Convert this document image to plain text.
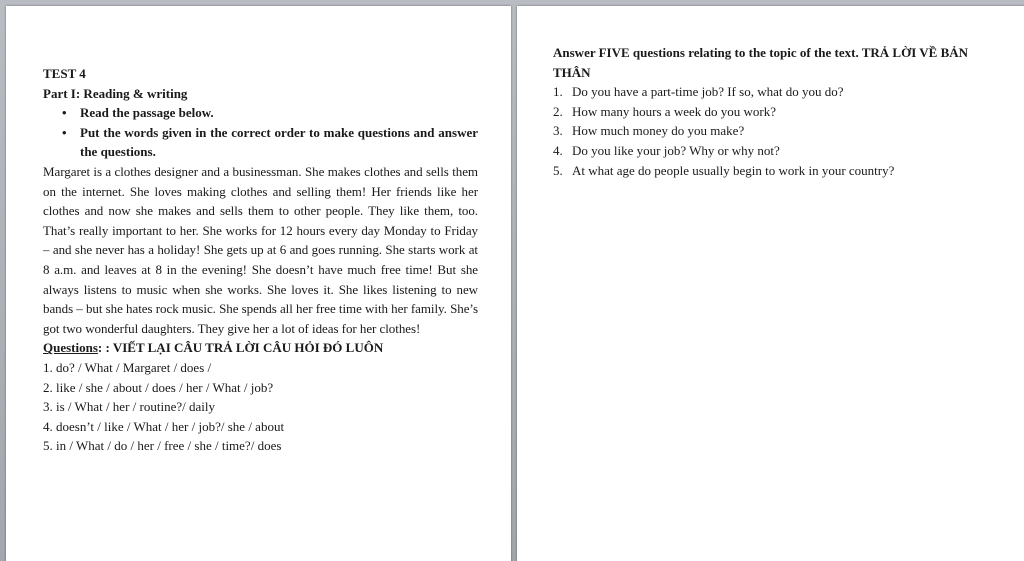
TEST 4
Part I: Reading & writing
• Read the passage below.
• Put the words given in the correct order to make questions and answer the questions.
Margaret is a clothes designer and a businessman. She makes clothes and sells them on the internet. She loves making clothes and selling them! Her friends like her clothes and now she makes and sells them to other people. They like them, too. That’s really important to her. She works for 12 hours every day Monday to Friday – and she never has a holiday! She gets up at 6 and goes running. She starts work at 8 a.m. and leaves at 8 in the evening! She doesn’t have much free time! But she always listens to music when she works. She loves it. She likes listening to new bands – but she hates rock music. She spends all her free time with her family. She’s got two wonderful daughters. They give her a lot of ideas for her clothes!
Questions: : VIẾT LẠI CÂU TRẢ LỜI CÂU HỎI ĐÓ LUÔN
1. do? / What / Margaret / does /
2. like / she / about / does / her / What / job?
3. is / What / her / routine?/ daily
4. doesn’t / like / What / her / job?/ she / about
5. in / What / do / her / free / she / time?/ does
Answer FIVE questions relating to the topic of the text. TRẢ LỜI VỀ BẢN THÂN
1. Do you have a part-time job? If so, what do you do?
2. How many hours a week do you work?
3. How much money do you make?
4. Do you like your job? Why or why not?
5. At what age do people usually begin to work in your country?
